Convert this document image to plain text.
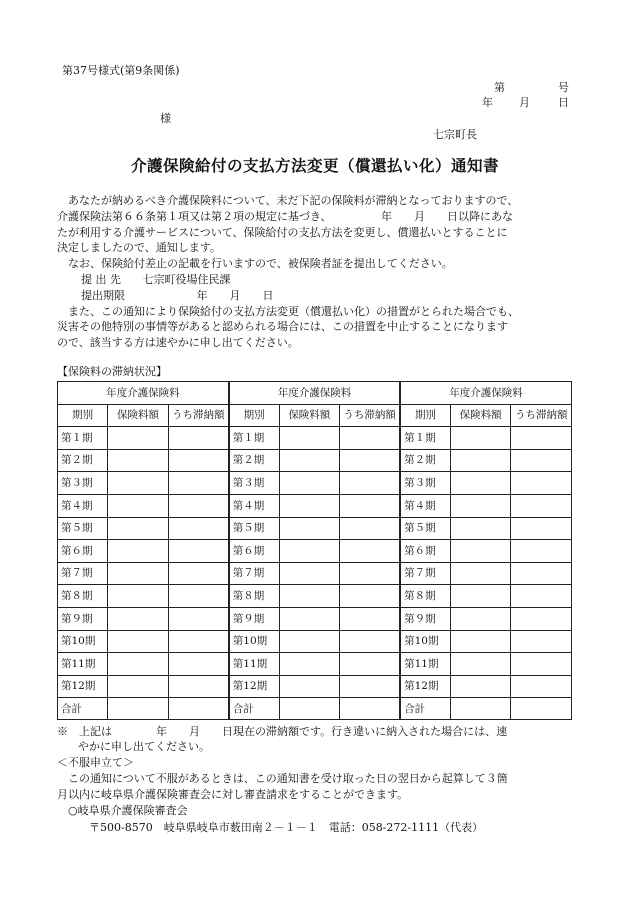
第37号様式(第9条関係)
第	号
年 月	日
様
七宗町長
介護保険給付の支払方法変更（償還払い化）通知書

あなたが納めるべき介護保険料について、未だ下記の保険料が滞納となっておりますので、

介護保険法第６６条第１項又は第２項の規定に基づき、　　　　　年　　月　　日以降にあな
たが利用する介護サービスについて、保険給付の支払方法を変更し、償還払いとすることに
決定しましたので、通知します。

なお、保険給付差止の記載を行いますので、被保険者証を提出してください。

提 出 先 七宗町役場住民課

提出期限	年　　月　　日

また、この通知により保険給付の支払方法変更（償還払い化）の措置がとられた場合でも、

災害その他特別の事情等があると認められる場合には、この措置を中止することになります
ので、該当する方は速やかに申し出てください。

【保険料の滞納状況】
年度介護保険料			年度介護保険料			年度介護保険料		
期別	保険料額	うち滞納額	期別	保険料額	うち滞納額	期別	保険料額	うち滞納額
第１期			第１期			第１期		
第２期			第２期			第２期		
第３期			第３期			第３期		
第４期			第４期			第４期		
第５期			第５期			第５期		
第６期			第６期			第６期		
第７期			第７期			第７期		
第８期			第８期			第８期		
第９期			第９期			第９期		
第10期			第10期			第10期		
第11期			第11期			第11期		
第12期			第12期			第12期		
合計			合計			合計		
※　上記は　　　　年　　月　　日現在の滞納額です。行き違いに納入された場合には、速
やかに申し出てください。
＜不服申立て＞
この通知について不服があるときは、この通知書を受け取った日の翌日から起算して３箇
月以内に岐阜県介護保険審査会に対し審査請求をすることができます。
○岐阜県介護保険審査会
〒500-8570　岐阜県岐阜市薮田南２－１－１　電話：058-272-1111（代表）
